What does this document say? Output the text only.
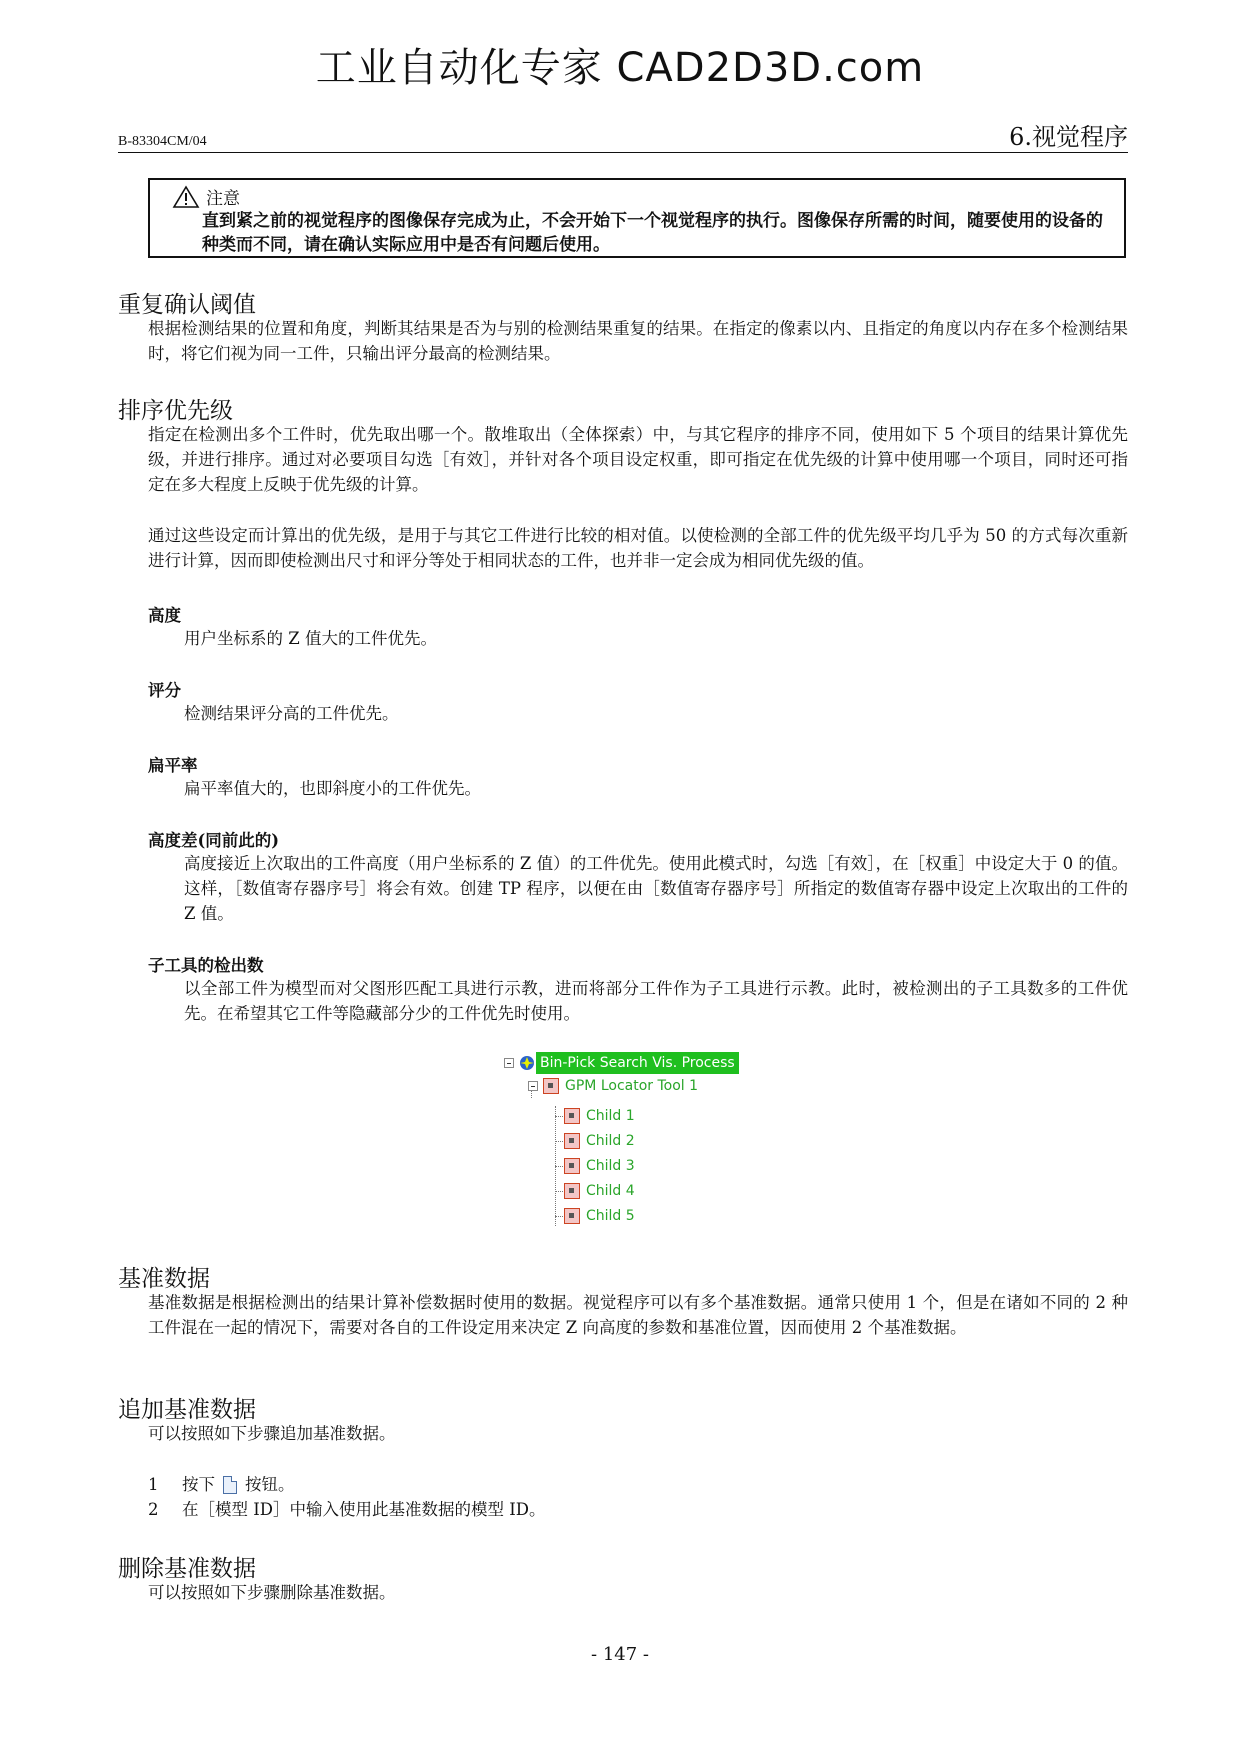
工业自动化专家 CAD2D3D.com
B-83304CM/04	6.视觉程序
注意
直到紧之前的视觉程序的图像保存完成为止，不会开始下一个视觉程序的执行。图像保存所需的时间，随要使用的设备的种类而不同，请在确认实际应用中是否有问题后使用。
重复确认阈值

根据检测结果的位置和角度，判断其结果是否为与别的检测结果重复的结果。在指定的像素以内、且指定的角度以内存在多个检测结果时，将它们视为同一工件，只输出评分最高的检测结果。

排序优先级

指定在检测出多个工件时，优先取出哪一个。散堆取出（全体探索）中，与其它程序的排序不同，使用如下 5 个项目的结果计算优先级，并进行排序。通过对必要项目勾选［有效］，并针对各个项目设定权重，即可指定在优先级的计算中使用哪一个项目，同时还可指定在多大程度上反映于优先级的计算。

通过这些设定而计算出的优先级，是用于与其它工件进行比较的相对值。以使检测的全部工件的优先级平均几乎为 50 的方式每次重新进行计算，因而即使检测出尺寸和评分等处于相同状态的工件，也并非一定会成为相同优先级的值。

高度

用户坐标系的 Z 值大的工件优先。

评分

检测结果评分高的工件优先。

扁平率

扁平率值大的，也即斜度小的工件优先。

高度差(同前此的)

高度接近上次取出的工件高度（用户坐标系的 Z 值）的工件优先。使用此模式时，勾选［有效］，在［权重］中设定大于 0 的值。这样，［数值寄存器序号］将会有效。创建 TP 程序，以便在由［数值寄存器序号］所指定的数值寄存器中设定上次取出的工件的 Z 值。

子工具的检出数

以全部工件为模型而对父图形匹配工具进行示教，进而将部分工件作为子工具进行示教。此时，被检测出的子工具数多的工件优先。在希望其它工件等隐藏部分少的工件优先时使用。

Bin-Pick Search Vis. Process
GPM Locator Tool 1
Child 1
Child 2
Child 3
Child 4
Child 5
基准数据

基准数据是根据检测出的结果计算补偿数据时使用的数据。视觉程序可以有多个基准数据。通常只使用 1 个，但是在诸如不同的 2 种工件混在一起的情况下，需要对各自的工件设定用来决定 Z 向高度的参数和基准位置，因而使用 2 个基准数据。

追加基准数据

可以按照如下步骤追加基准数据。

1	按下 按钮。
2	在［模型 ID］中输入使用此基准数据的模型 ID。
删除基准数据

可以按照如下步骤删除基准数据。

- 147 -
